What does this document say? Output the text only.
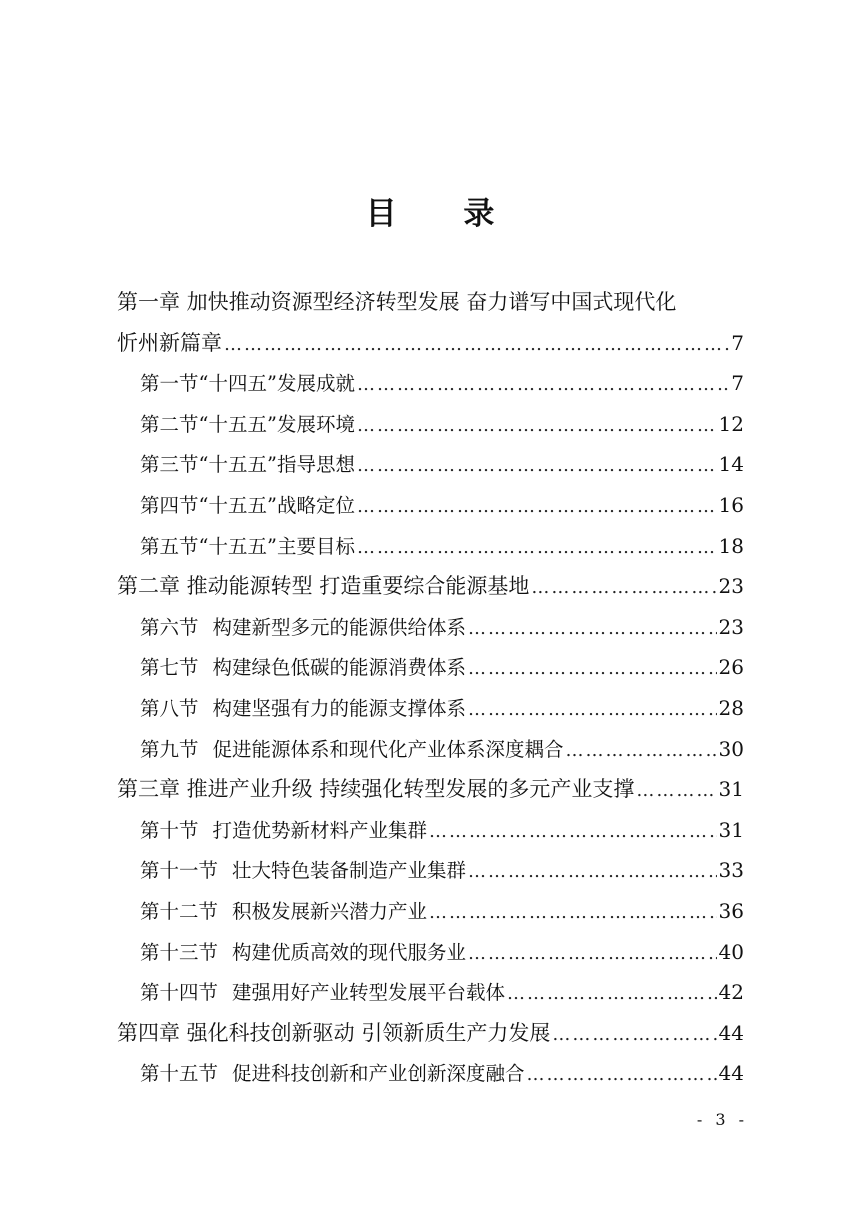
目 录
第一章 加快推动资源型经济转型发展 奋力谱写中国式现代化
忻州新篇章 ………………………………………………………………………………………………………………	7
第一节“十四五”发展成就 ………………………………………………………………………………………………………………	7
第二节“十五五”发展环境 ………………………………………………………………………………………………………………	12
第三节“十五五”指导思想 ………………………………………………………………………………………………………………	14
第四节“十五五”战略定位 ………………………………………………………………………………………………………………	16
第五节“十五五”主要目标 ………………………………………………………………………………………………………………	18
第二章 推动能源转型 打造重要综合能源基地 ………………………………………………………………………………………………………………	23
第六节 构建新型多元的能源供给体系 ………………………………………………………………………………………………………………	23
第七节 构建绿色低碳的能源消费体系 ………………………………………………………………………………………………………………	26
第八节 构建坚强有力的能源支撑体系 ………………………………………………………………………………………………………………	28
第九节 促进能源体系和现代化产业体系深度耦合 ………………………………………………………………………………………………………………	30
第三章 推进产业升级 持续强化转型发展的多元产业支撑 ………………………………………………………………………………………………………………	31
第十节 打造优势新材料产业集群 ………………………………………………………………………………………………………………	31
第十一节 壮大特色装备制造产业集群 ………………………………………………………………………………………………………………	33
第十二节 积极发展新兴潜力产业 ………………………………………………………………………………………………………………	36
第十三节 构建优质高效的现代服务业 ………………………………………………………………………………………………………………	40
第十四节 建强用好产业转型发展平台载体 ………………………………………………………………………………………………………………	42
第四章 强化科技创新驱动 引领新质生产力发展 ………………………………………………………………………………………………………………	44
第十五节 促进科技创新和产业创新深度融合 ………………………………………………………………………………………………………………	44
- 3 -
